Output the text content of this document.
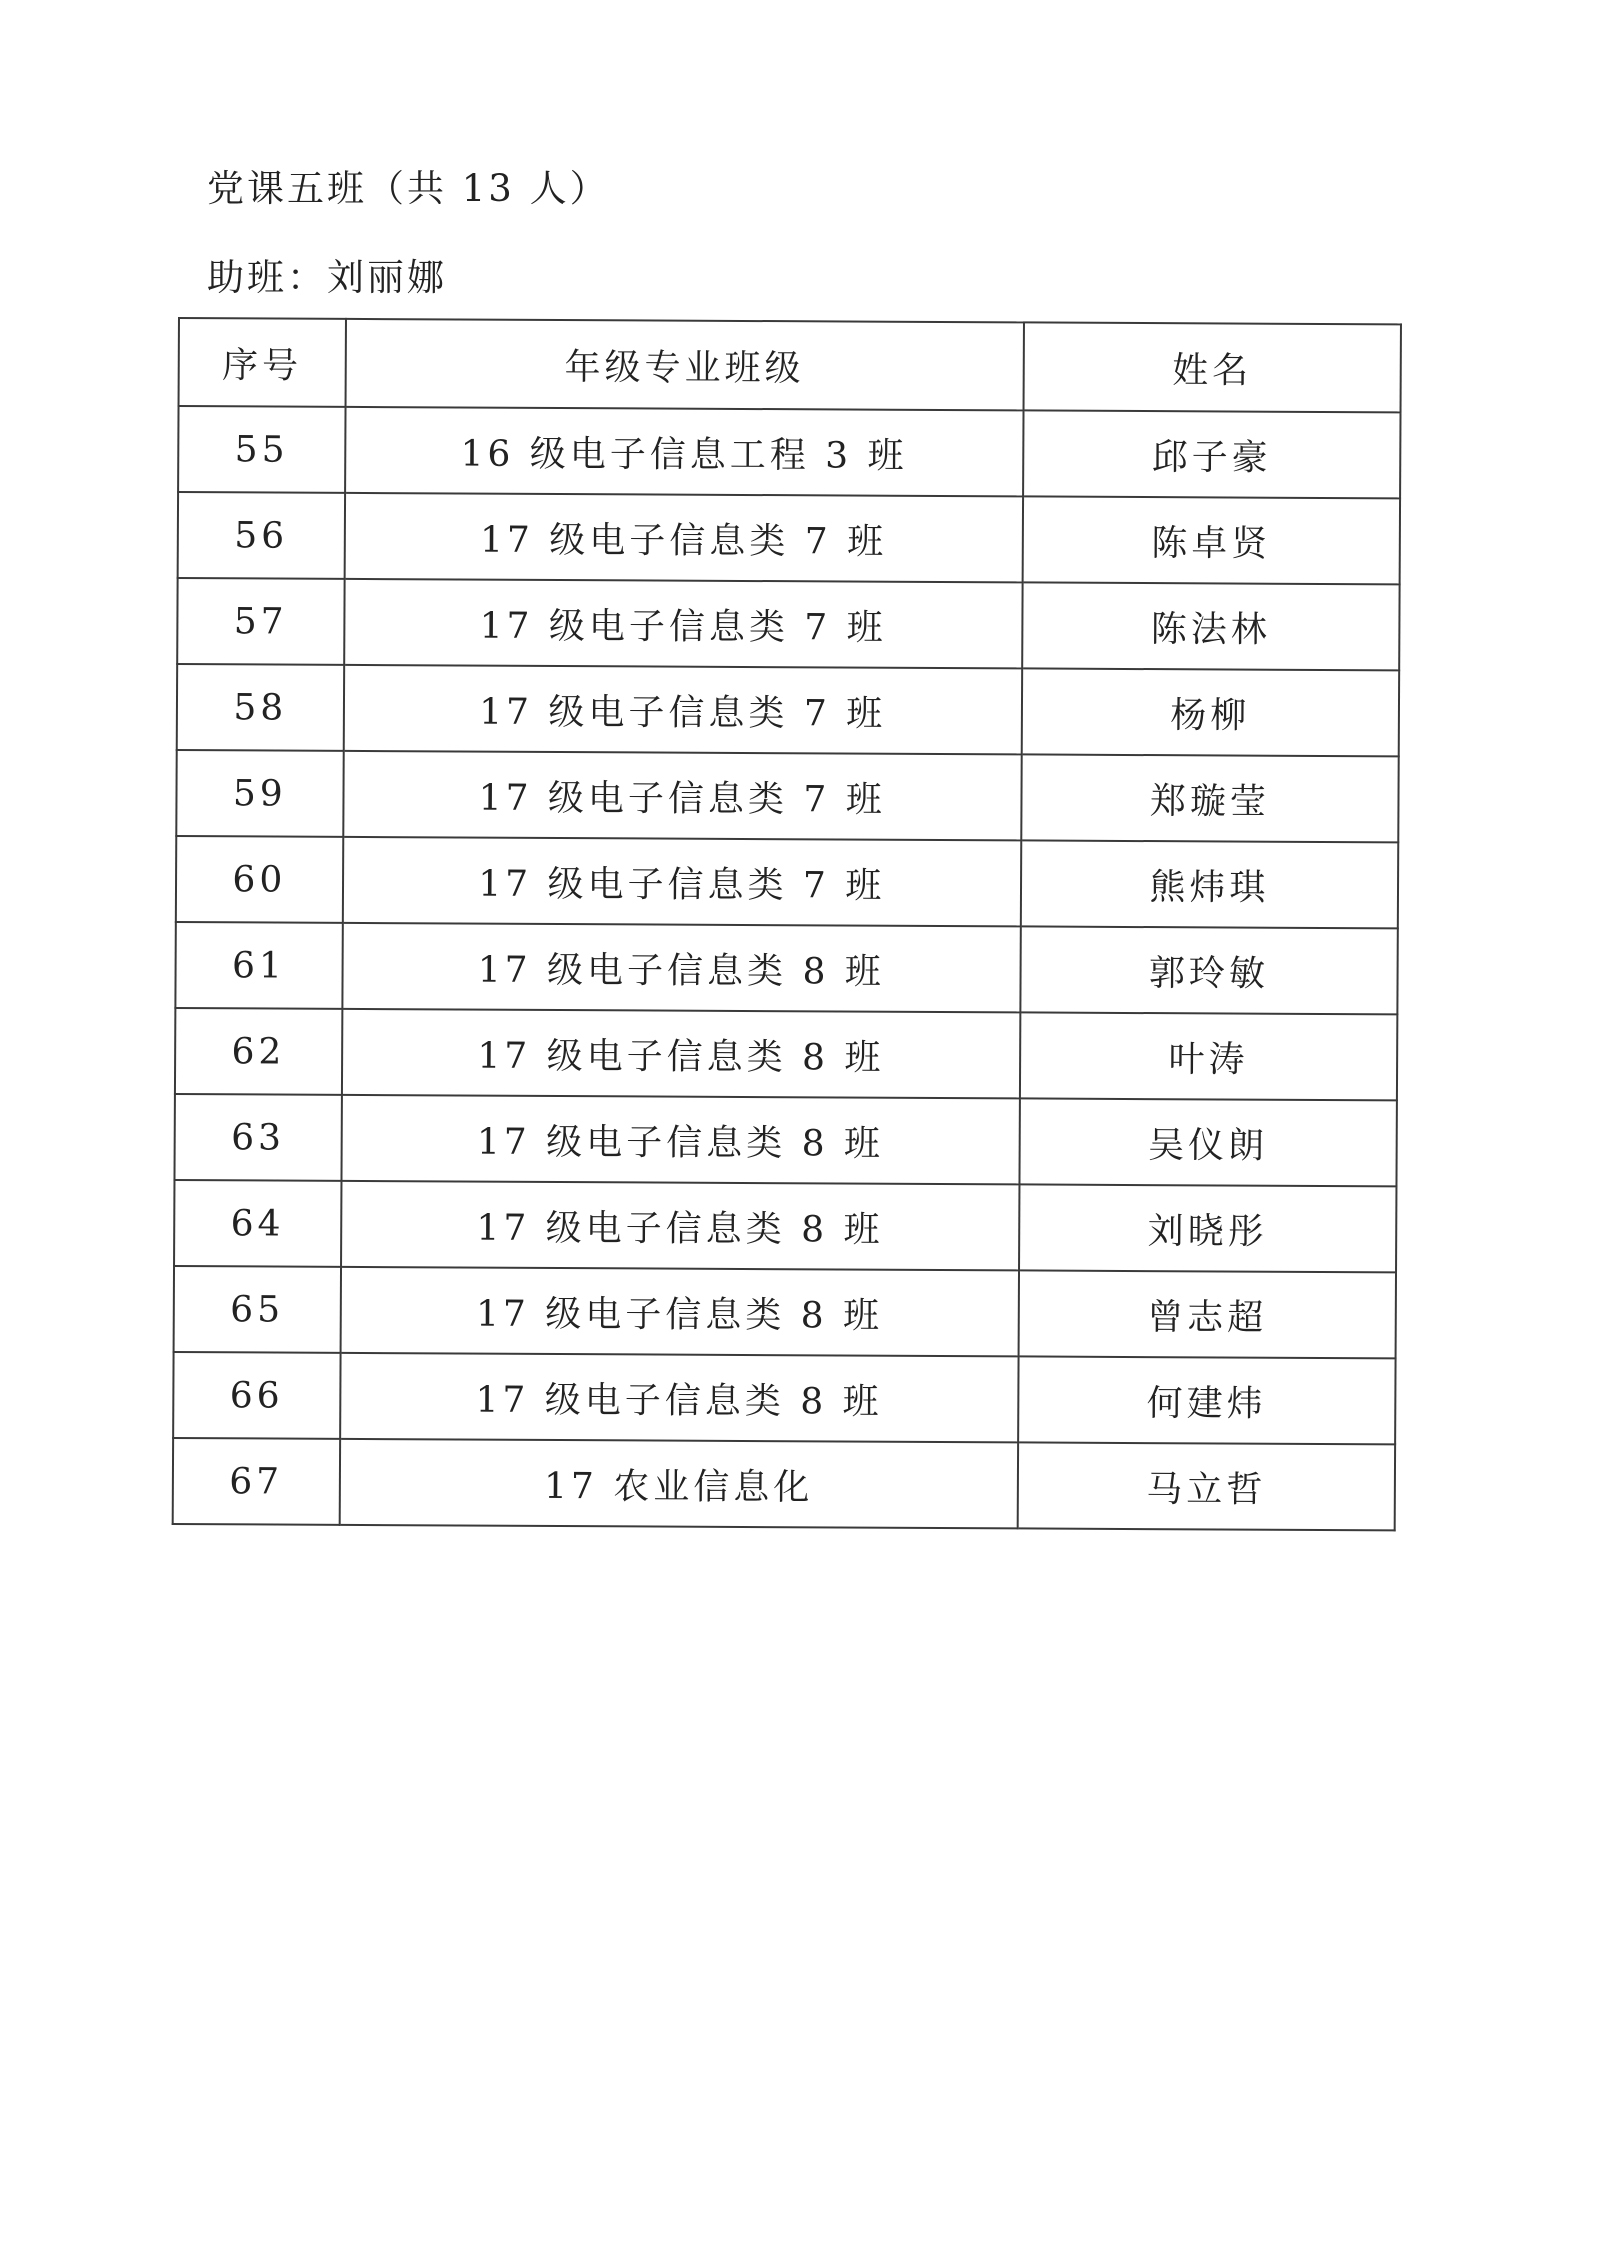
党课五班（共 13 人）
助班：刘丽娜
序号	年级专业班级	姓名
55	16 级电子信息工程 3 班	邱子豪
56	17 级电子信息类 7 班	陈卓贤
57	17 级电子信息类 7 班	陈法林
58	17 级电子信息类 7 班	杨柳
59	17 级电子信息类 7 班	郑璇莹
60	17 级电子信息类 7 班	熊炜琪
61	17 级电子信息类 8 班	郭玲敏
62	17 级电子信息类 8 班	叶涛
63	17 级电子信息类 8 班	吴仪朗
64	17 级电子信息类 8 班	刘晓彤
65	17 级电子信息类 8 班	曾志超
66	17 级电子信息类 8 班	何建炜
67	17 农业信息化	马立哲
